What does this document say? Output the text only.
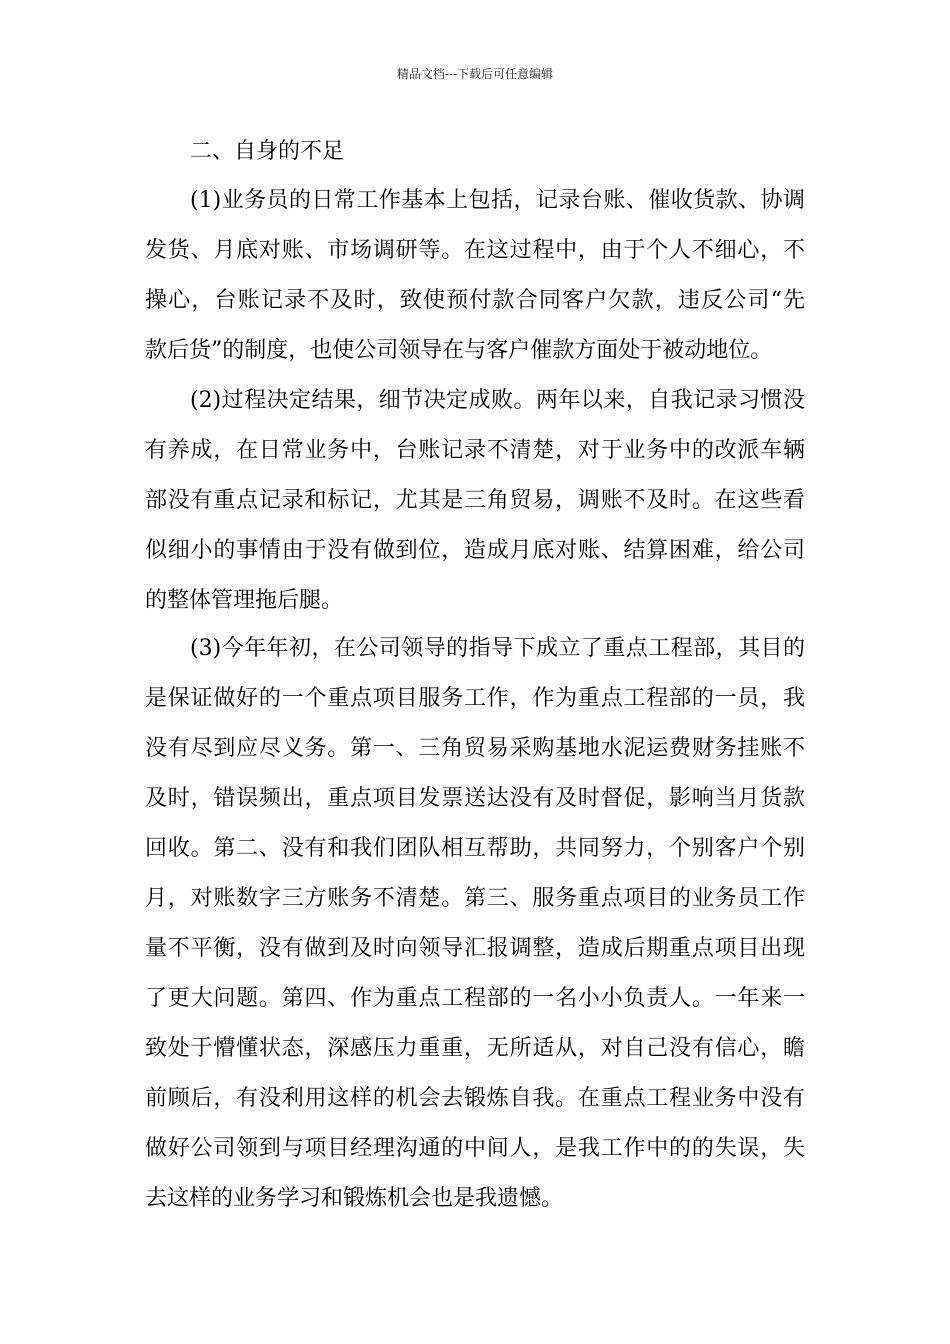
精品文档---下载后可任意编辑
二、自身的不足
(1)业务员的日常工作基本上包括，记录台账、催收货款、协调
发货、月底对账、市场调研等。在这过程中，由于个人不细心，不
操心，台账记录不及时，致使预付款合同客户欠款，违反公司“先
款后货”的制度，也使公司领导在与客户催款方面处于被动地位。
(2)过程决定结果，细节决定成败。两年以来，自我记录习惯没
有养成，在日常业务中，台账记录不清楚，对于业务中的改派车辆
部没有重点记录和标记，尤其是三角贸易，调账不及时。在这些看
似细小的事情由于没有做到位，造成月底对账、结算困难，给公司
的整体管理拖后腿。
(3)今年年初，在公司领导的指导下成立了重点工程部，其目的
是保证做好的一个重点项目服务工作，作为重点工程部的一员，我
没有尽到应尽义务。第一、三角贸易采购基地水泥运费财务挂账不
及时，错误频出，重点项目发票送达没有及时督促，影响当月货款
回收。第二、没有和我们团队相互帮助，共同努力，个别客户个别
月，对账数字三方账务不清楚。第三、服务重点项目的业务员工作
量不平衡，没有做到及时向领导汇报调整，造成后期重点项目出现
了更大问题。第四、作为重点工程部的一名小小负责人。一年来一
致处于懵懂状态，深感压力重重，无所适从，对自己没有信心，瞻
前顾后，有没利用这样的机会去锻炼自我。在重点工程业务中没有
做好公司领到与项目经理沟通的中间人，是我工作中的的失误，失
去这样的业务学习和锻炼机会也是我遗憾。
